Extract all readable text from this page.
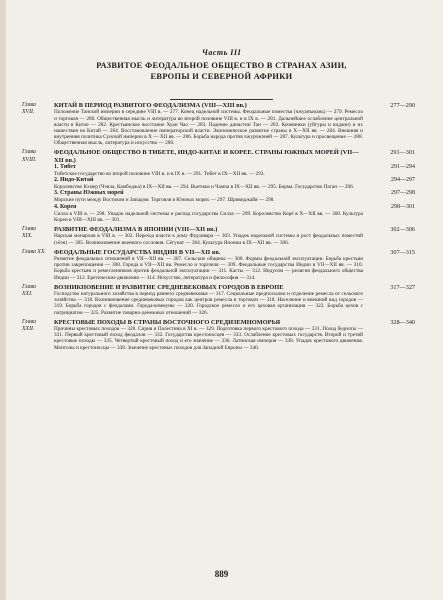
Часть III
РАЗВИТОЕ ФЕОДАЛЬНОЕ ОБЩЕСТВО В СТРАНАХ АЗИИ,
ЕВРОПЫ И СЕВЕРНОЙ АФРИКИ
Глава XVII.
КИТАЙ В ПЕРИОД РАЗВИТОГО ФЕОДАЛИЗМА (VIII—XIII вв.)	277—290
Положение Танской империи в середине VIII в. — 277. Конец надельной системы. Феодальные поместья (чжуанъюань) — 279. Ремесло и торговля — 280. Общественная мысль и литература во второй половине VIII в. и в IX в. — 281. Дальнейшее ослабление центральной власти в Китае — 282. Крестьянское восстание Хуан Чао — 283. Падение династии Тан — 283. Кочевники (уйгуры и кидани) и их нашествия на Китай — 284. Восстановление императорской власти. Экономическое развитие страны в X—XII вв. — 284. Внешняя и внутренняя политика Сунской империи в X — XII вв. — 286. Борьба народа против чжурчжэней — 287. Культура и просвещение — 288. Общественная мысль, литература и искусство — 288.
Глава XVIII.
ФЕОДАЛЬНОЕ ОБЩЕСТВО В ТИБЕТЕ, ИНДО-КИТАЕ И КОРЕЕ. СТРАНЫ ЮЖНЫХ МОРЕЙ (VII—XII вв.)
291—301
1. Тибет	291—294
Тибетское государство во второй половине VIII в. и в IX в. — 291. Тибет в IX—XII вв. — 293.
2. Индо-Китай	294—297
Королевство Кхмер (Чэнла, Камбоджа) в IX—XII вв. — 294. Вьетнам и Чампа в IX—XII вв. — 295. Бирма. Государство Паган — 296.
3. Страны Южных морей	297—298
Морские пути между Востоком и Западом. Торговля в Южных морях — 297. Шривиджайя — 298.
4. Корея	298—301
Силла в VIII в. — 298. Упадок надельной системы и распад государства Силла — 299. Королевство Корё в X—XII вв. — 300. Культура Кореи в VIII—XIII вв. — 301.
Глава XIX.
РАЗВИТИЕ ФЕОДАЛИЗМА В ЯПОНИИ (VIII—XII вв.)	302—306
Нарская монархия в VIII в. — 302. Переход власти к дому Фудзивара — 303. Упадок надельной системы и рост феодальных поместий (сёэн) — 305. Возникновение военного сословия. Сёгунат — 304. Культура Японии в IX—XII вв. — 306.
Глава XX. ФЕОДАЛЬНЫЕ ГОСУДАРСТВА ИНДИИ В VII—XII вв.	307—315
Развитие феодальных отношений в VII—XII вв. — 307. Сельские общины — 308. Формы феодальной эксплуатации. Борьба крестьян против закрепощения — 308. Города в VII—XII вв. Ремесло и торговля — 309. Феодальные государства Индии в VII—XII вв. — 310. Борьба крестьян и ремесленников против феодальной эксплуатации — 311. Касты — 312. Индуизм — религия феодального общества Индии — 312. Еретические движения — 314. Искусство, литература и философия — 314.
Глава XXI.
ВОЗНИКНОВЕНИЕ И РАЗВИТИЕ СРЕДНЕВЕКОВЫХ ГОРОДОВ В ЕВРОПЕ	317—327
Господство натурального хозяйства в период раннего средневековья — 317. Социальные предпосылки и отделение ремесла от сельского хозяйства — 318. Возникновение средневековых городов как центров ремесла и торговли — 318. Население и внешний вид городов — 319. Борьба городов с феодалами. Города-коммуны — 320. Городское ремесло и его цеховая организация — 322. Борьба цехов с патрициатом — 325. Развитие товарно-денежных отношений — 326.
Глава XXII.
КРЕСТОВЫЕ ПОХОДЫ В СТРАНЫ ВОСТОЧНОГО СРЕДИЗЕМНОМОРЬЯ	328—340
Причины крестовых походов — 328. Сирия и Палестина в XI в. — 329. Подготовка первого крестового похода — 331. Поход бедноты — 331. Первый крестовый поход феодалов — 332. Государства крестоносцев — 333. Ослабление крестовых государств. Второй и третий крестовые походы — 335. Четвертый крестовый поход и его значение — 336. Латинская империя — 338. Упадок крестового движения. Монголы и крестоносцы — 338. Значение крестовых походов для Западной Европы — 340.
889
